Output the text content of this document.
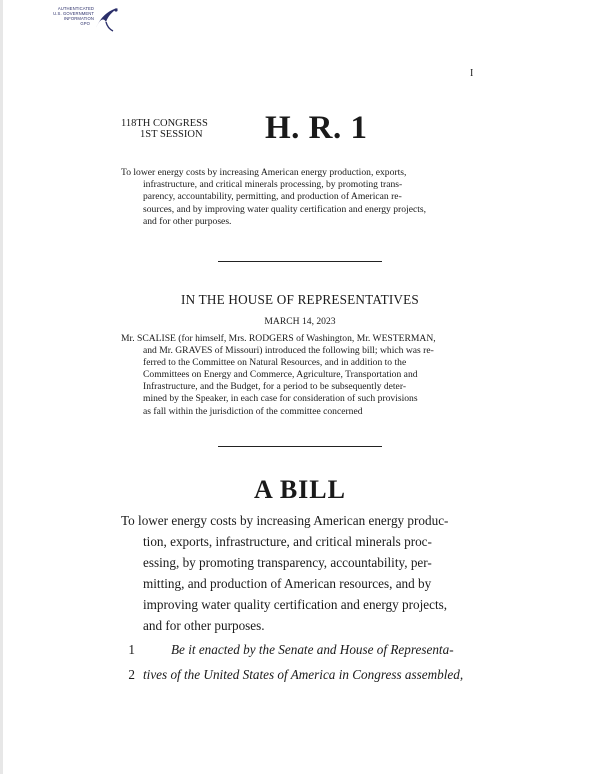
AUTHENTICATED
U.S. GOVERNMENT
INFORMATION
GPO
I
118TH CONGRESS
1ST SESSION H. R. 1
To lower energy costs by increasing American energy production, exports,
infrastructure, and critical minerals processing, by promoting trans-
parency, accountability, permitting, and production of American re-
sources, and by improving water quality certification and energy projects,
and for other purposes.
IN THE HOUSE OF REPRESENTATIVES
MARCH 14, 2023
Mr. SCALISE (for himself, Mrs. RODGERS of Washington, Mr. WESTERMAN,
and Mr. GRAVES of Missouri) introduced the following bill; which was re-
ferred to the Committee on Natural Resources, and in addition to the
Committees on Energy and Commerce, Agriculture, Transportation and
Infrastructure, and the Budget, for a period to be subsequently deter-
mined by the Speaker, in each case for consideration of such provisions
as fall within the jurisdiction of the committee concerned
A BILL
To lower energy costs by increasing American energy produc-
tion, exports, infrastructure, and critical minerals proc-
essing, by promoting transparency, accountability, per-
mitting, and production of American resources, and by
improving water quality certification and energy projects,
and for other purposes.
1	Be it enacted by the Senate and House of Representa-
2 tives of the United States of America in Congress assembled,
